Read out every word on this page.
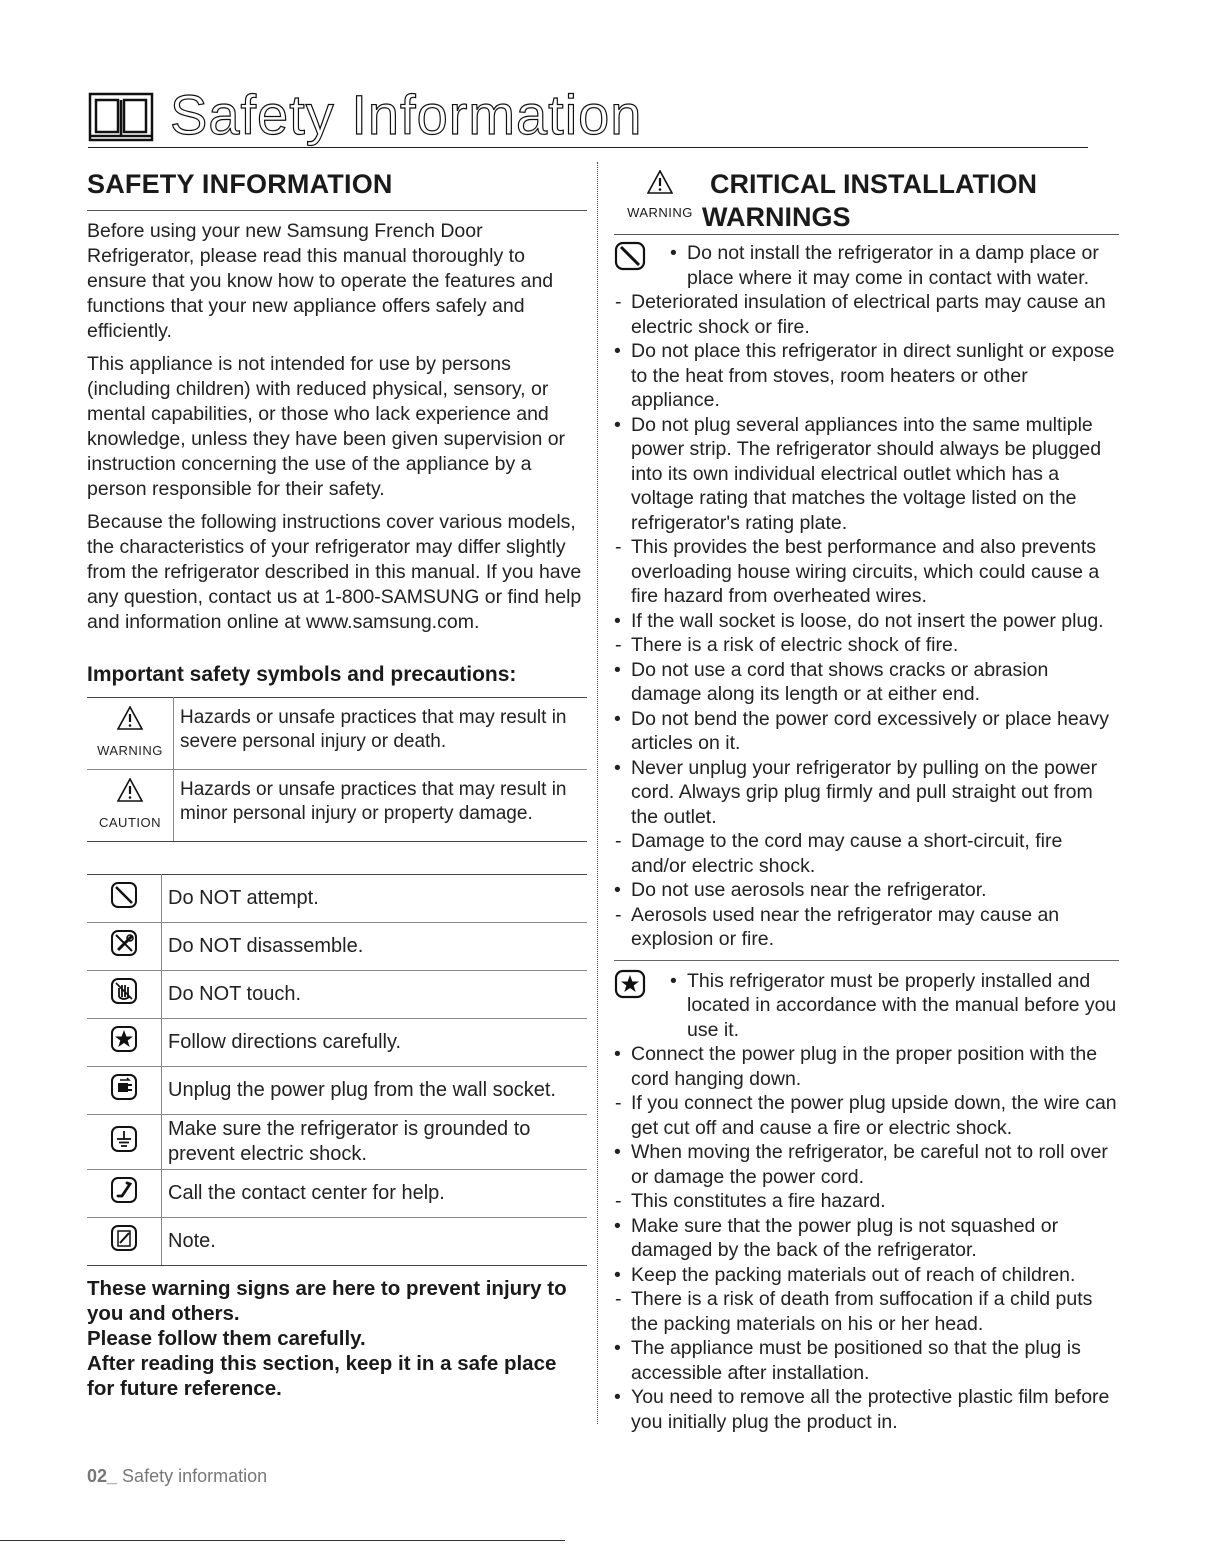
Safety Information
SAFETY INFORMATION

Before using your new Samsung French Door Refrigerator, please read this manual thoroughly to ensure that you know how to operate the features and functions that your new appliance offers safely and efficiently.

This appliance is not intended for use by persons (including children) with reduced physical, sensory, or mental capabilities, or those who lack experience and knowledge, unless they have been given supervision or instruction concerning the use of the appliance by a person responsible for their safety.

Because the following instructions cover various models, the characteristics of your refrigerator may differ slightly from the refrigerator described in this manual. If you have any question, contact us at 1-800-SAMSUNG or find help and information online at www.samsung.com.

Important safety symbols and precautions:
WARNING	Hazards or unsafe practices that may result in severe personal injury or death.

CAUTION	Hazards or unsafe practices that may result in minor personal injury or property damage.
	Do NOT attempt.
	Do NOT disassemble.
	Do NOT touch.
	Follow directions carefully.
	Unplug the power plug from the wall socket.
	Make sure the refrigerator is grounded to prevent electric shock.
	Call the contact center for help.
	Note.
These warning signs are here to prevent injury to you and others.
Please follow them carefully.
After reading this section, keep it in a safe place for future reference.
WARNING
CRITICAL INSTALLATION
WARNINGS
• Do not install the refrigerator in a damp place or place where it may come in contact with water.
- Deteriorated insulation of electrical parts may cause an electric shock or fire.
• Do not place this refrigerator in direct sunlight or expose to the heat from stoves, room heaters or other appliance.
• Do not plug several appliances into the same multiple power strip. The refrigerator should always be plugged into its own individual electrical outlet which has a voltage rating that matches the voltage listed on the refrigerator's rating plate.
- This provides the best performance and also prevents overloading house wiring circuits, which could cause a fire hazard from overheated wires.
• If the wall socket is loose, do not insert the power plug.
- There is a risk of electric shock of fire.
• Do not use a cord that shows cracks or abrasion damage along its length or at either end.
• Do not bend the power cord excessively or place heavy articles on it.
• Never unplug your refrigerator by pulling on the power cord. Always grip plug firmly and pull straight out from the outlet.
- Damage to the cord may cause a short-circuit, fire and/or electric shock.
• Do not use aerosols near the refrigerator.
- Aerosols used near the refrigerator may cause an explosion or fire.
• This refrigerator must be properly installed and located in accordance with the manual before you use it.
• Connect the power plug in the proper position with the cord hanging down.
- If you connect the power plug upside down, the wire can get cut off and cause a fire or electric shock.
• When moving the refrigerator, be careful not to roll over or damage the power cord.
- This constitutes a fire hazard.
• Make sure that the power plug is not squashed or damaged by the back of the refrigerator.
• Keep the packing materials out of reach of children.
- There is a risk of death from suffocation if a child puts the packing materials on his or her head.
• The appliance must be positioned so that the plug is accessible after installation.
• You need to remove all the protective plastic film before you initially plug the product in.
02_ Safety information
